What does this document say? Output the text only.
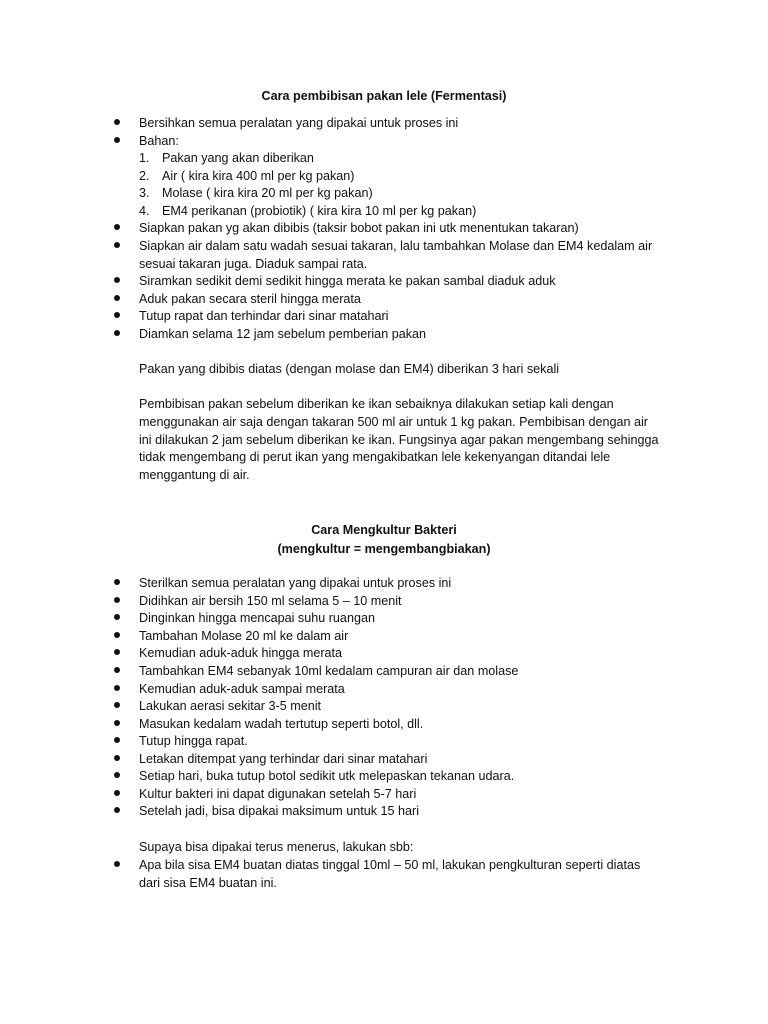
Cara pembibisan pakan lele (Fermentasi)

Bersihkan semua peralatan yang dipakai untuk proses ini

Bahan:

1. Pakan yang akan diberikan

2. Air ( kira kira 400 ml per kg pakan)

3. Molase ( kira kira 20 ml per kg pakan)

4. EM4 perikanan (probiotik) ( kira kira 10 ml per kg pakan)

Siapkan pakan yg akan dibibis (taksir bobot pakan ini utk menentukan takaran)

Siapkan air dalam satu wadah sesuai takaran, lalu tambahkan Molase dan EM4 kedalam air

sesuai takaran juga. Diaduk sampai rata.

Siramkan sedikit demi sedikit hingga merata ke pakan sambal diaduk aduk

Aduk pakan secara steril hingga merata

Tutup rapat dan terhindar dari sinar matahari

Diamkan selama 12 jam sebelum pemberian pakan

Pakan yang dibibis diatas (dengan molase dan EM4) diberikan 3 hari sekali

Pembibisan pakan sebelum diberikan ke ikan sebaiknya dilakukan setiap kali dengan

menggunakan air saja dengan takaran 500 ml air untuk 1 kg pakan. Pembibisan dengan air

ini dilakukan 2 jam sebelum diberikan ke ikan. Fungsinya agar pakan mengembang sehingga

tidak mengembang di perut ikan yang mengakibatkan lele kekenyangan ditandai lele

menggantung di air.

Cara Mengkultur Bakteri

(mengkultur = mengembangbiakan)

Sterilkan semua peralatan yang dipakai untuk proses ini

Didihkan air bersih 150 ml selama 5 – 10 menit

Dinginkan hingga mencapai suhu ruangan

Tambahan Molase 20 ml ke dalam air

Kemudian aduk-aduk hingga merata

Tambahkan EM4 sebanyak 10ml kedalam campuran air dan molase

Kemudian aduk-aduk sampai merata

Lakukan aerasi sekitar 3-5 menit

Masukan kedalam wadah tertutup seperti botol, dll.

Tutup hingga rapat.

Letakan ditempat yang terhindar dari sinar matahari

Setiap hari, buka tutup botol sedikit utk melepaskan tekanan udara.

Kultur bakteri ini dapat digunakan setelah 5-7 hari

Setelah jadi, bisa dipakai maksimum untuk 15 hari

Supaya bisa dipakai terus menerus, lakukan sbb:

Apa bila sisa EM4 buatan diatas tinggal 10ml – 50 ml, lakukan pengkulturan seperti diatas

dari sisa EM4 buatan ini.
